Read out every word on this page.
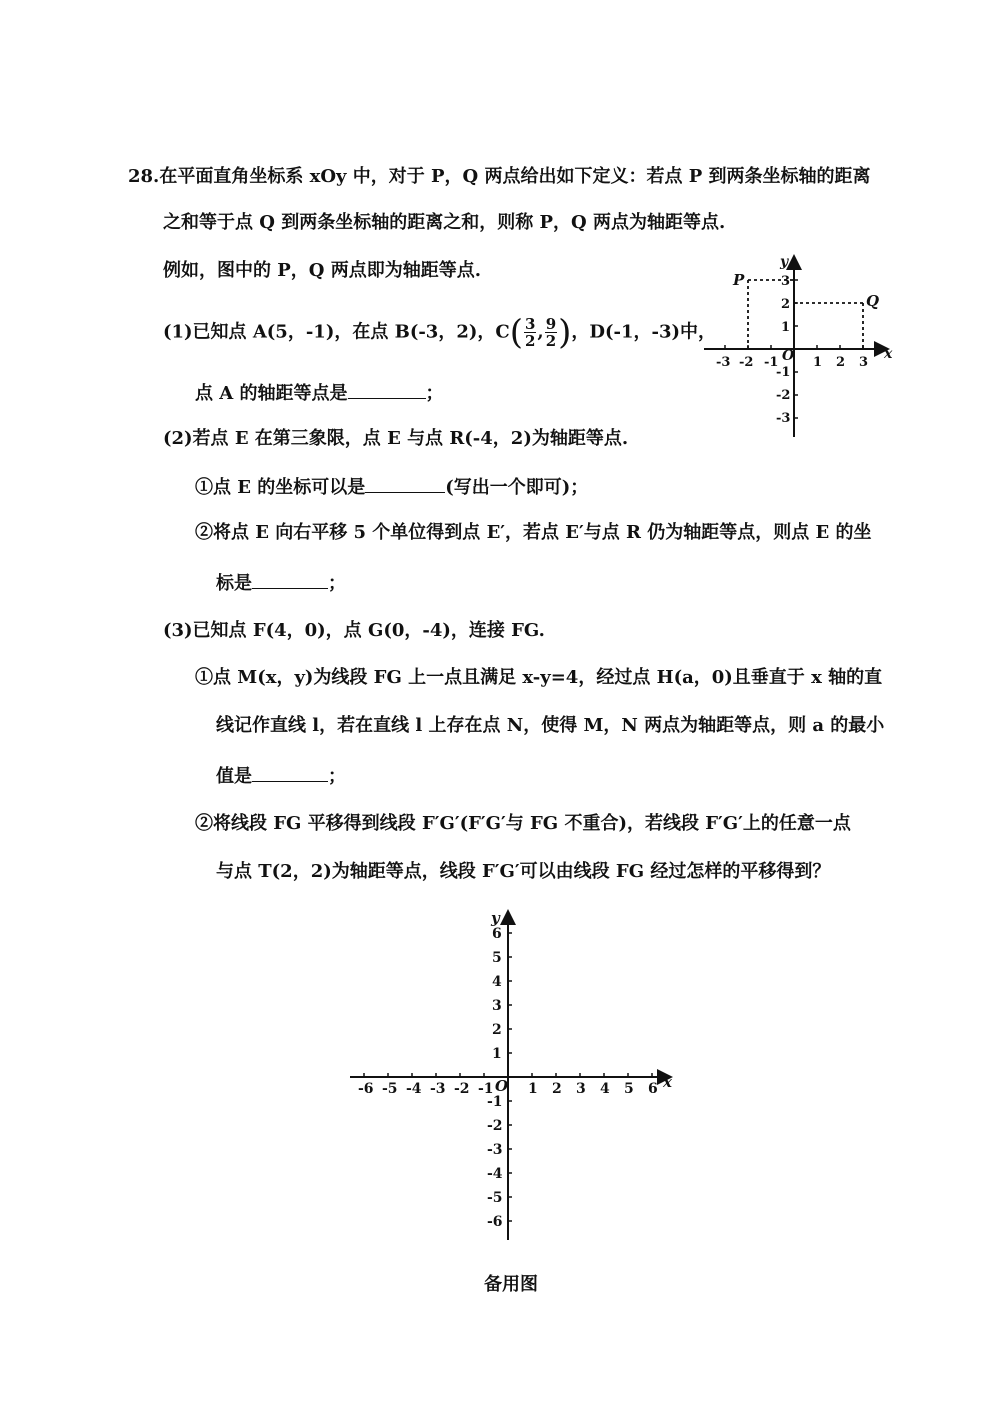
28.在平面直角坐标系 xOy 中，对于 P，Q 两点给出如下定义：若点 P 到两条坐标轴的距离
之和等于点 Q 到两条坐标轴的距离之和，则称 P，Q 两点为轴距等点.
例如，图中的 P，Q 两点即为轴距等点.
(1)已知点 A(5，-1)，在点 B(-3，2)，$C( \frac{3}{2}$ , $\frac{9}{2}$ )，D(-1，-3)中，
点 A 的轴距等点是	；
(2)若点 E 在第三象限，点 E 与点 R(-4，2)为轴距等点.
①点 E 的坐标可以是	(写出一个即可)；
②将点 E 向右平移 5 个单位得到点 E′，若点 E′与点 R 仍为轴距等点，则点 E 的坐
标是	；
(3)已知点 F(4，0)，点 G(0，-4)，连接 FG.
①点 M(x，y)为线段 FG 上一点且满足 x-y=4，经过点 H(a，0)且垂直于 x 轴的直
线记作直线 l，若在直线 l 上存在点 N，使得 M，N 两点为轴距等点，则 a 的最小
值是	；
②将线段 FG 平移得到线段 F′G′(F′G′与 FG 不重合)，若线段 F′G′上的任意一点
与点 T(2，2)为轴距等点，线段 F′G′可以由线段 FG 经过怎样的平移得到？
y
x
O
P
Q
-3 -2 -1	1 2 3
1
2
3
-1
-2
-3
y
x
O
-6 -5 -4 -3 -2 -1 1 2 3 4 5 6
1
2
3
4
5
6
-1
-2
-3
-4
-5
-6
备用图
